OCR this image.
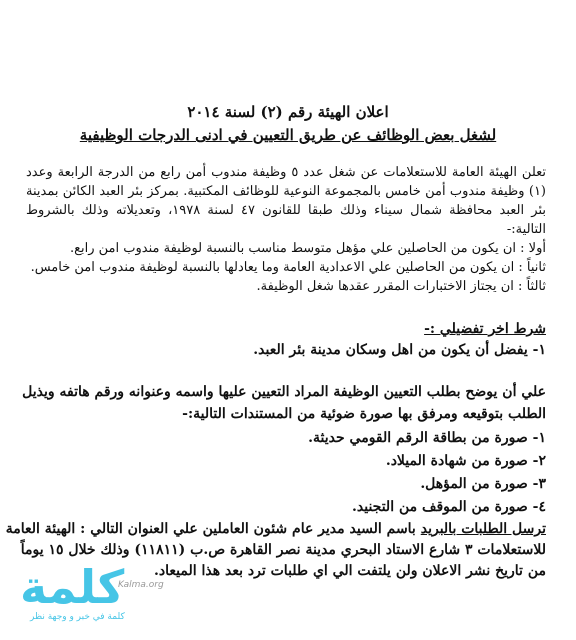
اعلان الهيئة رقم (٢) لسنة ٢٠١٤
لشغل بعض الوظائف عن طريق التعيين في ادنى الدرجات الوظيفية
تعلن الهيئة العامة للاستعلامات عن شغل عدد ٥ وظيفة مندوب أمن رابع من الدرجة الرابعة وعدد
(١) وظيفة مندوب أمن خامس بالمجموعة النوعية للوظائف المكتبية. بمركز بئر العبد الكائن بمدينة
بئر العبد محافظة شمال سيناء وذلك طبقا للقانون ٤٧ لسنة ١٩٧٨، وتعديلاته وذلك بالشروط
التالية:-
أولا : ان يكون من الحاصلين علي مؤهل متوسط مناسب بالنسبة لوظيفة مندوب امن رابع.
ثانياً : ان يكون من الحاصلين علي الاعدادية العامة وما يعادلها بالنسبة لوظيفة مندوب امن خامس.
ثالثاً : ان يجتاز الاختبارات المقرر عقدها شغل الوظيفة.
شرط اخر تفضيلي :-
١- يفضل أن يكون من اهل وسكان مدينة بئر العبد.
علي أن يوضح بطلب التعيين الوظيفة المراد التعيين عليها واسمه وعنوانه ورقم هاتفه ويذيل
الطلب بتوقيعه ومرفق بها صورة ضوئية من المستندات التالية:-
١- صورة من بطاقة الرقم القومي حديثة.
٢- صورة من شهادة الميلاد.
٣- صورة من المؤهل.
٤- صورة من الموقف من التجنيد.
ترسل الطلبات بالبريد باسم السيد مدير عام شئون العاملين علي العنوان التالي : الهيئة العامة
للاستعلامات ٣ شارع الاستاد البحري مدينة نصر القاهرة ص.ب (١١٨١١) وذلك خلال ١٥ يوماً
من تاريخ نشر الاعلان ولن يلتفت الي اي طلبات ترد بعد هذا الميعاد.
كلمة
Kalma.org
كلمة في خبر و وجهة نظر
